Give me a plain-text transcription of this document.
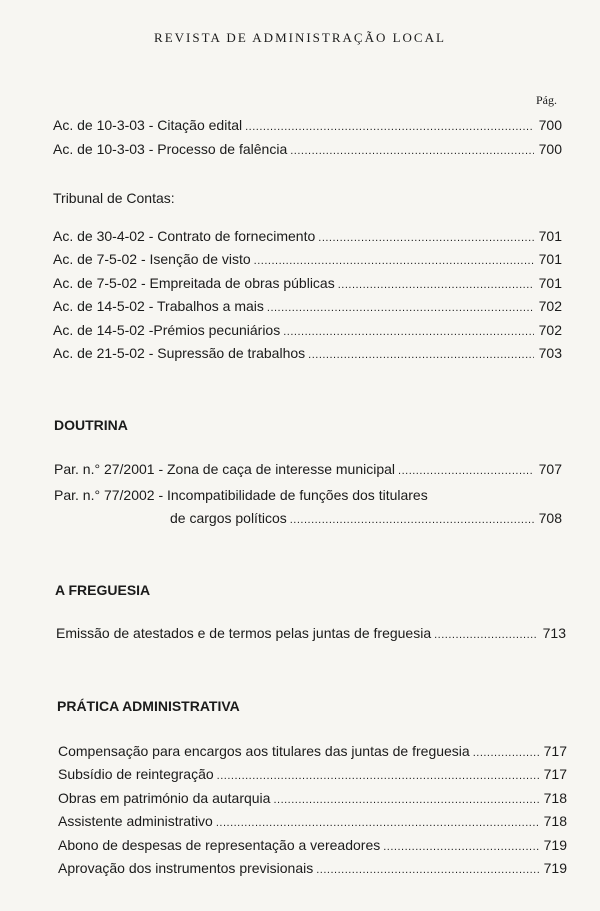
REVISTA DE ADMINISTRAÇÃO LOCAL
Pág.
Ac. de 10-3-03 - Citação edital .....	700
Ac. de 10-3-03 - Processo de falência .....	700
Tribunal de Contas:
Ac. de 30-4-02 - Contrato de fornecimento .....	701
Ac. de 7-5-02 - Isenção de visto .....	701
Ac. de 7-5-02 - Empreitada de obras públicas .....	701
Ac. de 14-5-02 - Trabalhos a mais .....	702
Ac. de 14-5-02 -Prémios pecuniários .....	702
Ac. de 21-5-02 - Supressão de trabalhos .....	703
DOUTRINA
Par. n.° 27/2001 - Zona de caça de interesse municipal .....	707
Par. n.° 77/2002 - Incompatibilidade de funções dos titulares
de cargos políticos .....	708
A FREGUESIA
Emissão de atestados e de termos pelas juntas de freguesia .....	713
PRÁTICA ADMINISTRATIVA
Compensação para encargos aos titulares das juntas de freguesia .....	717
Subsídio de reintegração .....	717
Obras em património da autarquia .....	718
Assistente administrativo .....	718
Abono de despesas de representação a vereadores .....	719
Aprovação dos instrumentos previsionais .....	719
